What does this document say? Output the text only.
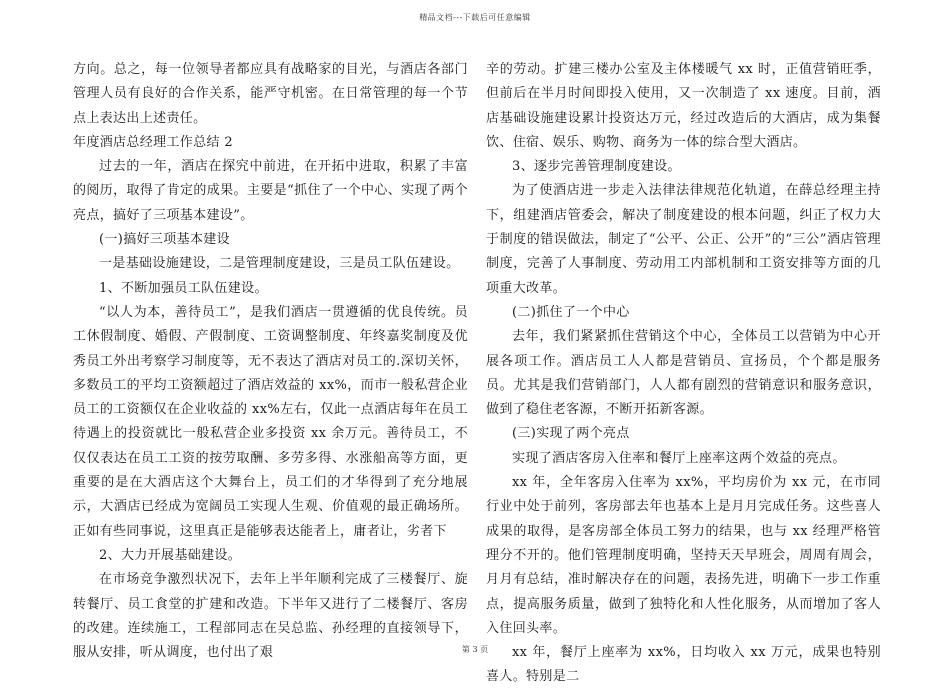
精品文档---下载后可任意编辑

方向。总之，每一位领导者都应具有战略家的目光，与酒店各部门管理人员有良好的合作关系，能严守机密。在日常管理的每一个节点上表达出上述责任。

年度酒店总经理工作总结 2

过去的一年，酒店在探究中前进，在开拓中进取，积累了丰富的阅历，取得了肯定的成果。主要是“抓住了一个中心、实现了两个亮点，搞好了三项基本建设”。

(一)搞好三项基本建设

一是基础设施建设，二是管理制度建设，三是员工队伍建设。

1、不断加强员工队伍建设。

“以人为本，善待员工”，是我们酒店一贯遵循的优良传统。员工休假制度、婚假、产假制度、工资调整制度、年终嘉奖制度及优秀员工外出考察学习制度等，无不表达了酒店对员工的.深切关怀，多数员工的平均工资额超过了酒店效益的 xx%，而市一般私营企业员工的工资额仅在企业收益的 xx%左右，仅此一点酒店每年在员工待遇上的投资就比一般私营企业多投资 xx 余万元。善待员工，不仅仅表达在员工工资的按劳取酬、多劳多得、水涨船高等方面，更重要的是在大酒店这个大舞台上，员工们的才华得到了充分地展示，大酒店已经成为宽阔员工实现人生观、价值观的最正确场所。正如有些同事说，这里真正是能够表达能者上，庸者让，劣者下

2、大力开展基础建设。

在市场竞争激烈状况下，去年上半年顺利完成了三楼餐厅、旋转餐厅、员工食堂的扩建和改造。下半年又进行了二楼餐厅、客房的改建。连续施工，工程部同志在吴总监、孙经理的直接领导下，服从安排，听从调度，也付出了艰

辛的劳动。扩建三楼办公室及主体楼暖气 xx 时，正值营销旺季，但前后在半月时间即投入使用，又一次制造了 xx 速度。目前，酒店基础设施建设累计投资达万元，经过改造后的大酒店，成为集餐饮、住宿、娱乐、购物、商务为一体的综合型大酒店。

3、逐步完善管理制度建设。

为了使酒店进一步走入法律法律规范化轨道，在薛总经理主持下，组建酒店管委会，解决了制度建设的根本问题，纠正了权力大于制度的错误做法，制定了“公平、公正、公开”的“三公”酒店管理制度，完善了人事制度、劳动用工内部机制和工资安排等方面的几项重大改革。

(二)抓住了一个中心

去年，我们紧紧抓住营销这个中心，全体员工以营销为中心开展各项工作。酒店员工人人都是营销员、宣扬员，个个都是服务员。尤其是我们营销部门，人人都有剧烈的营销意识和服务意识，做到了稳住老客源，不断开拓新客源。

(三)实现了两个亮点

实现了酒店客房入住率和餐厅上座率这两个效益的亮点。

xx 年，全年客房入住率为 xx%，平均房价为 xx 元，在市同行业中处于前列，客房部去年也基本上是月月完成任务。这些喜人成果的取得，是客房部全体员工努力的结果，也与 xx 经理严格管理分不开的。他们管理制度明确，坚持天天早班会，周周有周会，月月有总结，准时解决存在的问题，表扬先进，明确下一步工作重点，提高服务质量，做到了独特化和人性化服务，从而增加了客人入住回头率。

xx 年，餐厅上座率为 xx%，日均收入 xx 万元，成果也特别喜人。特别是二

第 3 页
